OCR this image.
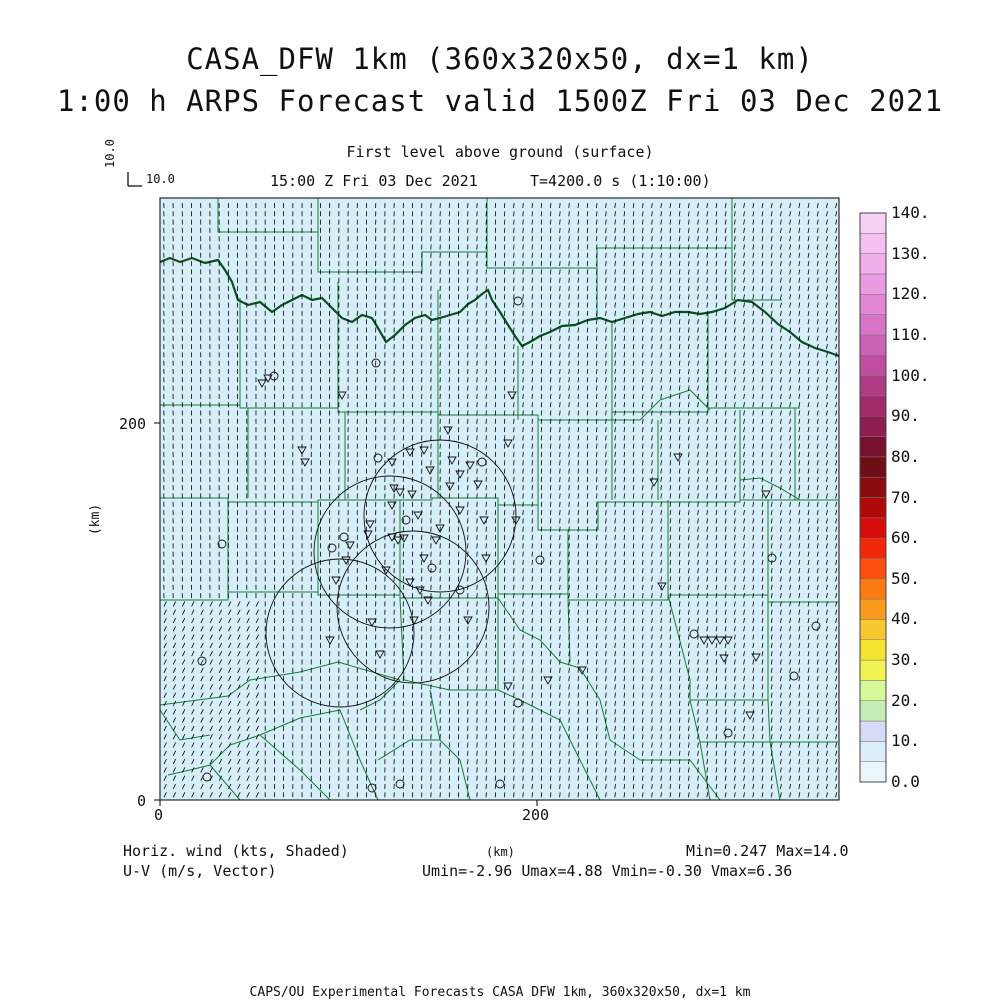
CASA_DFW 1km (360x320x50, dx=1 km)
1:00 h ARPS Forecast valid 1500Z Fri 03 Dec 2021
First level above ground (surface)
15:00 Z Fri 03 Dec 2021	T=4200.0 s (1:10:00)
10.0
10.0
0	200
0
200
(km)
0.0
10.
20.
30.
40.
50.
60.
70.
80.
90.
100.
110.
120.
130.
140.
Horiz. wind (kts, Shaded)
U-V (m/s, Vector)
(km)	Min=0.247 Max=14.0
Umin=-2.96 Umax=4.88 Vmin=-0.30 Vmax=6.36
CAPS/OU Experimental Forecasts CASA DFW 1km, 360x320x50, dx=1 km
